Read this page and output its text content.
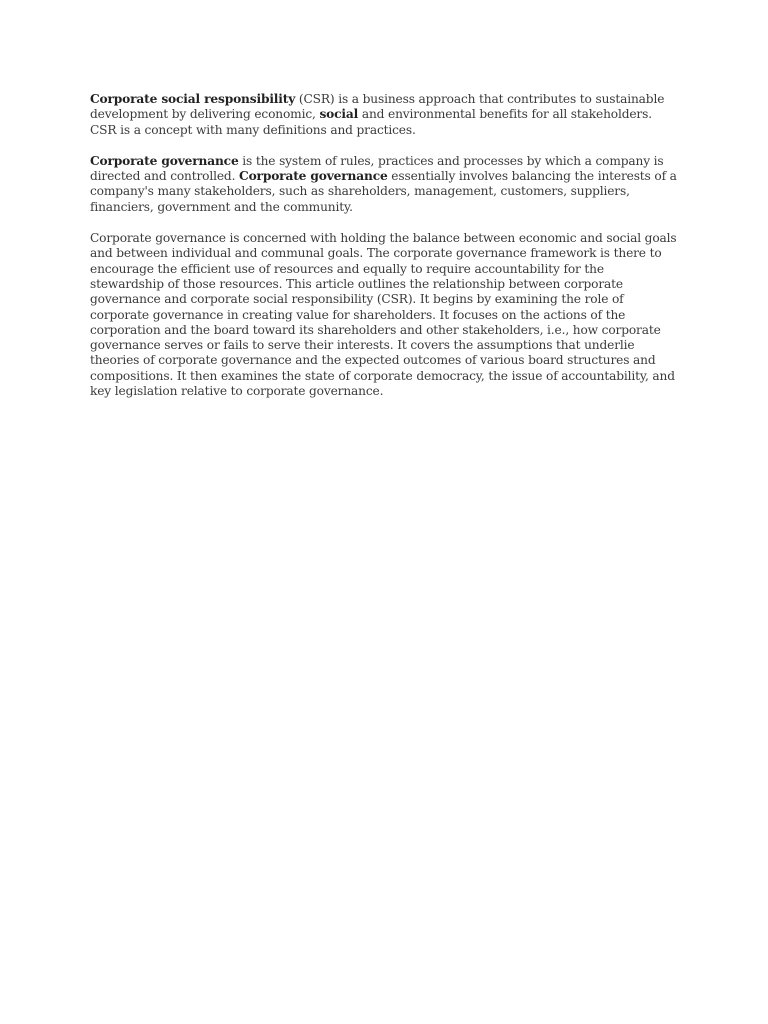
Corporate social responsibility (CSR) is a business approach that contributes to sustainable development by delivering economic, social and environmental benefits for all stakeholders. CSR is a concept with many definitions and practices.

Corporate governance is the system of rules, practices and processes by which a company is directed and controlled. Corporate governance essentially involves balancing the interests of a company's many stakeholders, such as shareholders, management, customers, suppliers, financiers, government and the community.

Corporate governance is concerned with holding the balance between economic and social goals and between individual and communal goals. The corporate governance framework is there to encourage the efficient use of resources and equally to require accountability for the stewardship of those resources. This article outlines the relationship between corporate governance and corporate social responsibility (CSR). It begins by examining the role of corporate governance in creating value for shareholders. It focuses on the actions of the corporation and the board toward its shareholders and other stakeholders, i.e., how corporate governance serves or fails to serve their interests. It covers the assumptions that underlie theories of corporate governance and the expected outcomes of various board structures and compositions. It then examines the state of corporate democracy, the issue of accountability, and key legislation relative to corporate governance.
